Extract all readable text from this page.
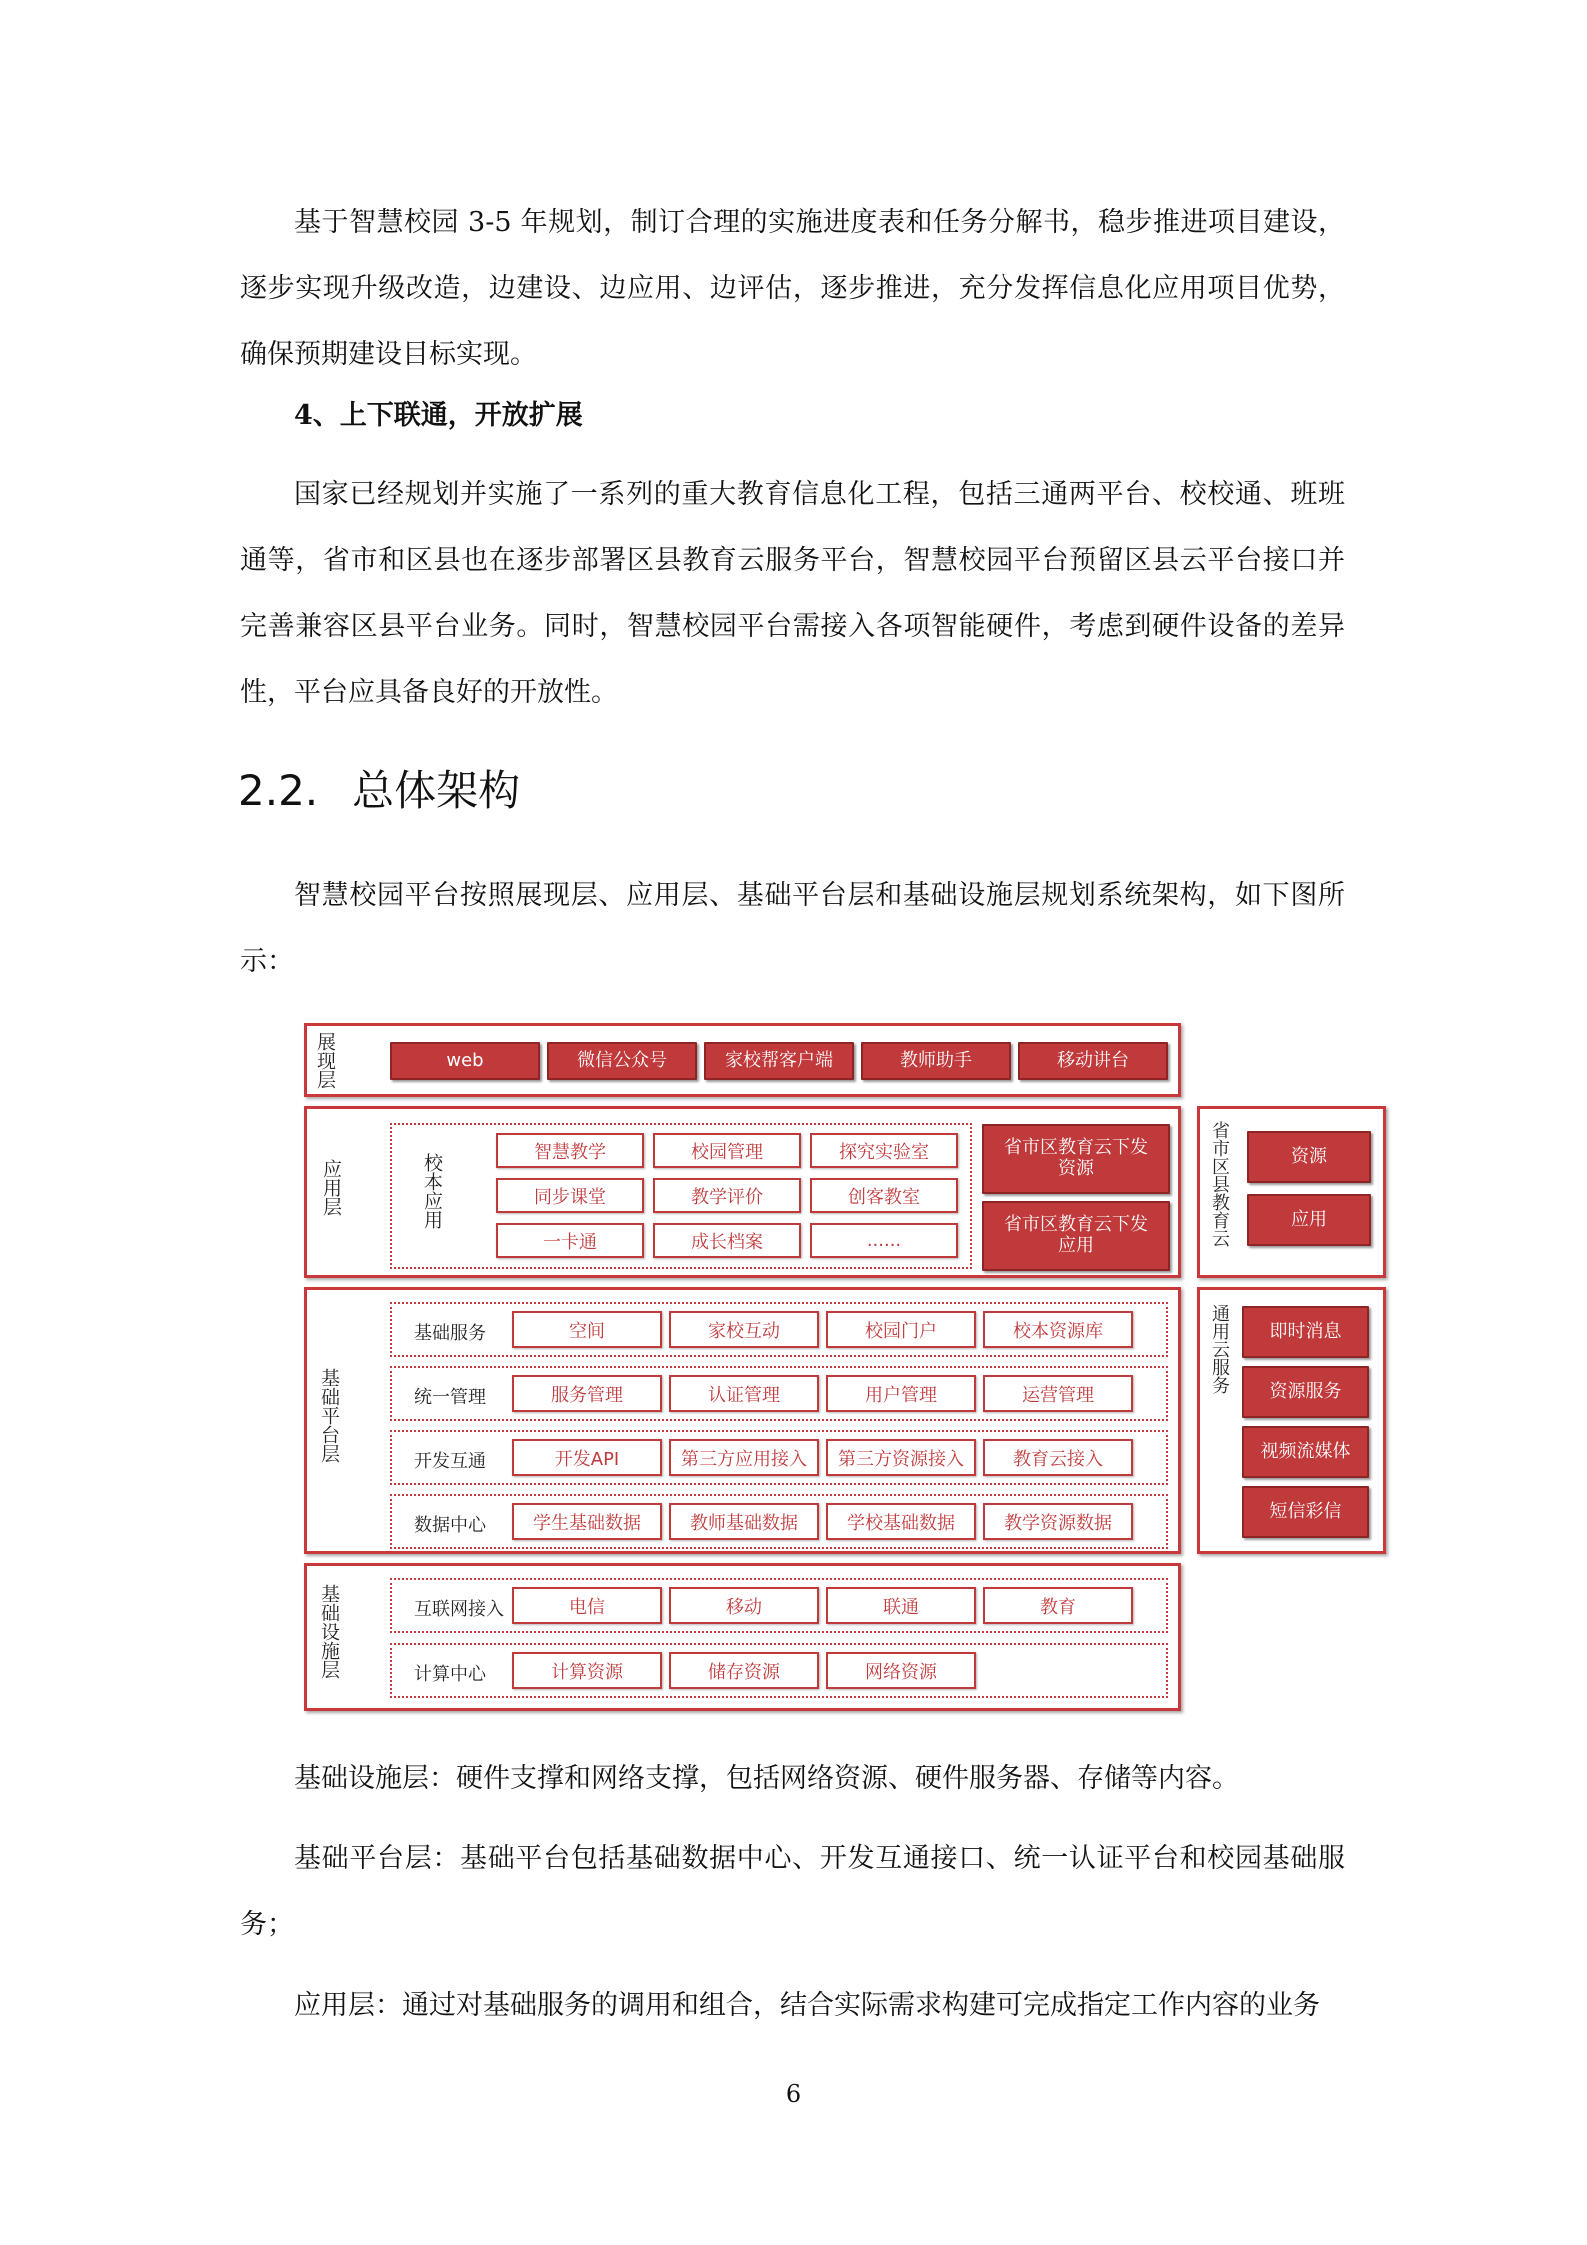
基于智慧校园 3-5 年规划，制订合理的实施进度表和任务分解书，稳步推进项目建设，逐步实现升级改造，边建设、边应用、边评估，逐步推进，充分发挥信息化应用项目优势，确保预期建设目标实现。

4、上下联通，开放扩展

国家已经规划并实施了一系列的重大教育信息化工程，包括三通两平台、校校通、班班通等，省市和区县也在逐步部署区县教育云服务平台，智慧校园平台预留区县云平台接口并完善兼容区县平台业务。同时，智慧校园平台需接入各项智能硬件，考虑到硬件设备的差异性，平台应具备良好的开放性。

2.2. 总体架构

智慧校园平台按照展现层、应用层、基础平台层和基础设施层规划系统架构，如下图所示：

展现层	web	微信公众号	家校帮客户端	教师助手	移动讲台
应用层	校本应用
智慧教学	校园管理	探究实验室
同步课堂	教学评价	创客教室
一卡通	成长档案	......
省市区教育云下发资源
省市区教育云下发应用	省市区县教育云	资源
应用
基础平台层
基础服务	空间	家校互动	校园门户	校本资源库
统一管理	服务管理	认证管理	用户管理	运营管理
开发互通	开发API	第三方应用接入	第三方资源接入	教育云接入
数据中心	学生基础数据	教师基础数据	学校基础数据	教学资源数据
通用云服务	即时消息
资源服务
视频流媒体
短信彩信
基础设施层	互联网接入	电信	移动	联通	教育
计算中心	计算资源	储存资源	网络资源

基础设施层：硬件支撑和网络支撑，包括网络资源、硬件服务器、存储等内容。

基础平台层：基础平台包括基础数据中心、开发互通接口、统一认证平台和校园基础服务；

应用层：通过对基础服务的调用和组合，结合实际需求构建可完成指定工作内容的业务

6
